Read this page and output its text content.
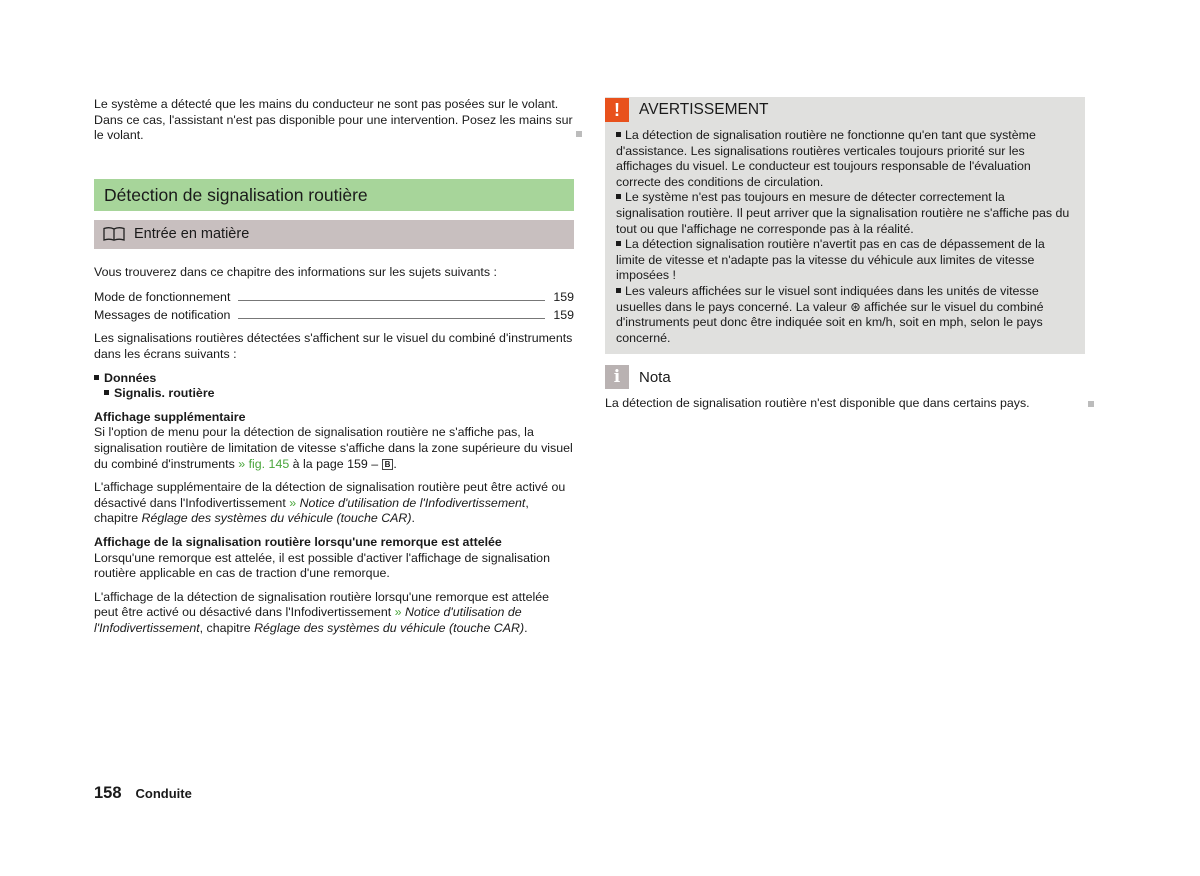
Le système a détecté que les mains du conducteur ne sont pas posées sur le volant. Dans ce cas, l'assistant n'est pas disponible pour une intervention. Posez les mains sur le volant.

Détection de signalisation routière
Entrée en matière

Vous trouverez dans ce chapitre des informations sur les sujets suivants :

Mode de fonctionnement	159
Messages de notification	159

Les signalisations routières détectées s'affichent sur le visuel du combiné d'instruments dans les écrans suivants :

Données
Signalis. routière

Affichage supplémentaire
Si l'option de menu pour la détection de signalisation routière ne s'affiche pas, la signalisation routière de limitation de vitesse s'affiche dans la zone supérieure du visuel du combiné d'instruments » fig. 145 à la page 159 – B .

L'affichage supplémentaire de la détection de signalisation routière peut être activé ou désactivé dans l'Infodivertissement » Notice d'utilisation de l'Infodivertissement, chapitre Réglage des systèmes du véhicule (touche CAR).

Affichage de la signalisation routière lorsqu'une remorque est attelée
Lorsqu'une remorque est attelée, il est possible d'activer l'affichage de signalisation routière applicable en cas de traction d'une remorque.

L'affichage de la détection de signalisation routière lorsqu'une remorque est attelée peut être activé ou désactivé dans l'Infodivertissement » Notice d'utilisation de l'Infodivertissement, chapitre Réglage des systèmes du véhicule (touche CAR).

!	AVERTISSEMENT

La détection de signalisation routière ne fonctionne qu'en tant que système d'assistance. Les signalisations routières verticales toujours priorité sur les affichages du visuel. Le conducteur est toujours responsable de l'évaluation correcte des conditions de circulation.

Le système n'est pas toujours en mesure de détecter correctement la signalisation routière. Il peut arriver que la signalisation routière ne s'affiche pas du tout ou que l'affichage ne corresponde pas à la réalité.

La détection signalisation routière n'avertit pas en cas de dépassement de la limite de vitesse et n'adapte pas la vitesse du véhicule aux limites de vitesse imposées !

Les valeurs affichées sur le visuel sont indiquées dans les unités de vitesse usuelles dans le pays concerné. La valeur ⊛ affichée sur le visuel du combiné d'instruments peut donc être indiquée soit en km/h, soit en mph, selon le pays concerné.

i	Nota
La détection de signalisation routière n'est disponible que dans certains pays.
158 Conduite
